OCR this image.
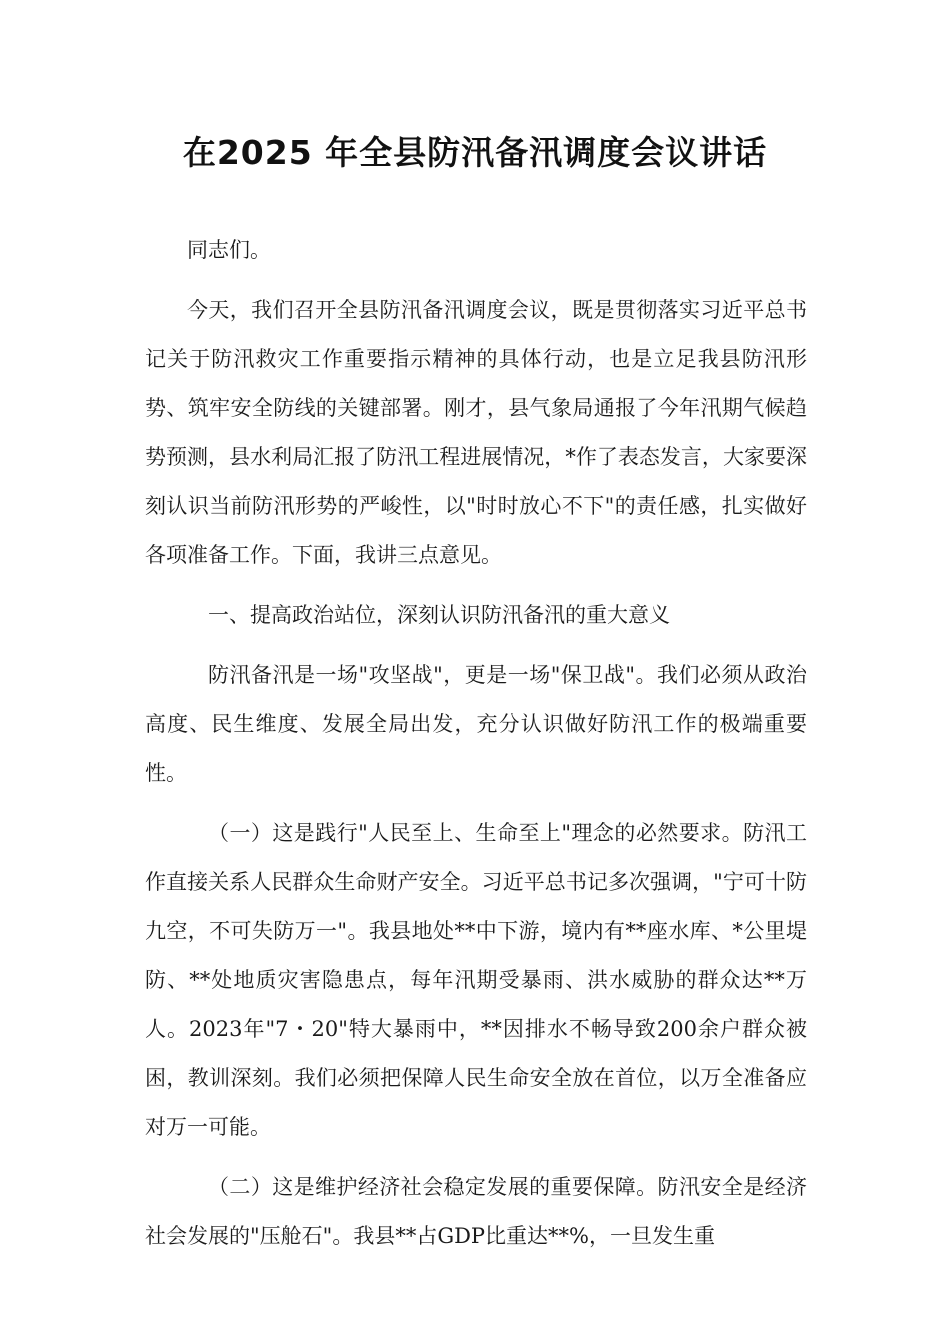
在2025 年全县防汛备汛调度会议讲话

同志们。

今天，我们召开全县防汛备汛调度会议，既是贯彻落实习近平总书记关于防汛救灾工作重要指示精神的具体行动，也是立足我县防汛形势、筑牢安全防线的关键部署。刚才，县气象局通报了今年汛期气候趋势预测，县水利局汇报了防汛工程进展情况，*作了表态发言，大家要深刻认识当前防汛形势的严峻性，以"时时放心不下"的责任感，扎实做好各项准备工作。下面，我讲三点意见。

一、提高政治站位，深刻认识防汛备汛的重大意义

防汛备汛是一场"攻坚战"，更是一场"保卫战"。我们必须从政治高度、民生维度、发展全局出发，充分认识做好防汛工作的极端重要性。

（一）这是践行"人民至上、生命至上"理念的必然要求。防汛工作直接关系人民群众生命财产安全。习近平总书记多次强调，"宁可十防九空，不可失防万一"。我县地处**中下游，境内有**座水库、*公里堤防、**处地质灾害隐患点，每年汛期受暴雨、洪水威胁的群众达**万人。2023年"7・20"特大暴雨中，**因排水不畅导致200余户群众被困，教训深刻。我们必须把保障人民生命安全放在首位，以万全准备应对万一可能。

（二）这是维护经济社会稳定发展的重要保障。防汛安全是经济社会发展的"压舱石"。我县**占GDP比重达**%，一旦发生重
